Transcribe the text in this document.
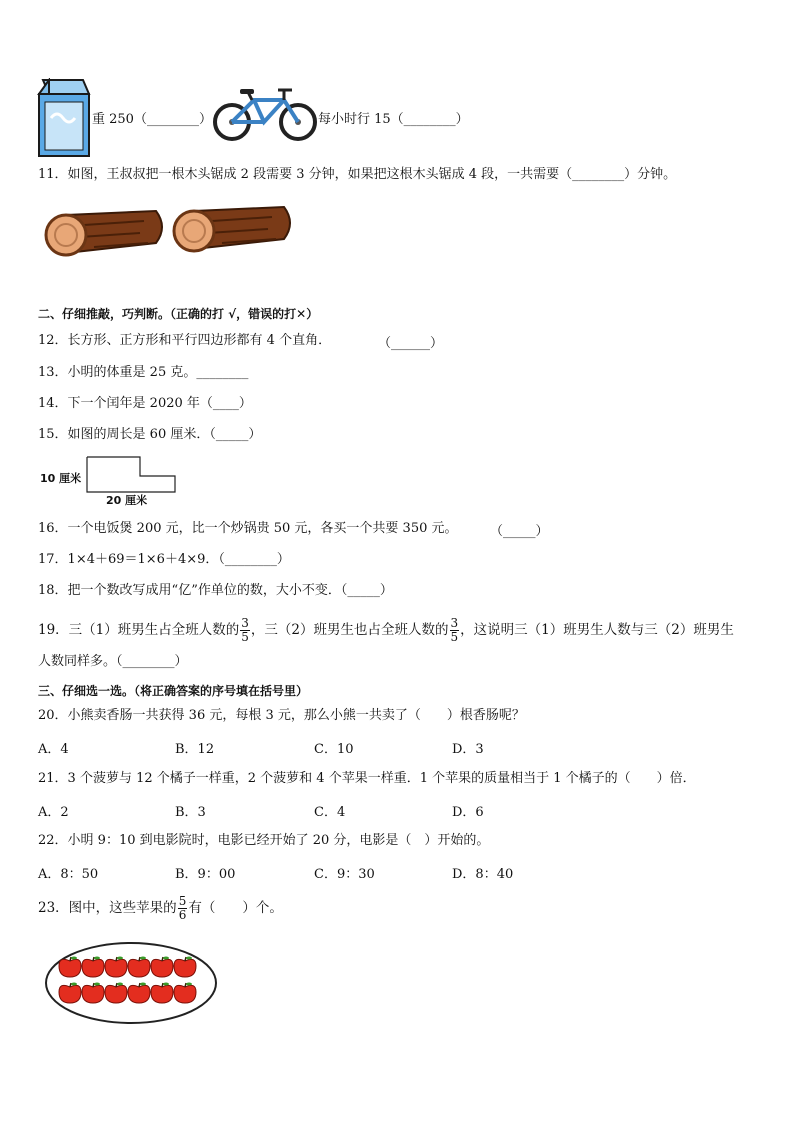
重 250（________）	每小时行 15（________）
11．如图，王叔叔把一根木头锯成 2 段需要 3 分钟，如果把这根木头锯成 4 段，一共需要（________）分钟。
二、仔细推敲，巧判断。（正确的打 √，错误的打✕）
12．长方形、正方形和平行四边形都有 4 个直角．	（______）
13．小明的体重是 25 克。________
14．下一个闰年是 2020 年（____）
15．如图的周长是 60 厘米．（_____）
10 厘米
20 厘米
16．一个电饭煲 200 元，比一个炒锅贵 50 元，各买一个共要 350 元。 （_____）
17．1×4＋69＝1×6＋4×9．（________）
18．把一个数改写成用“亿”作单位的数，大小不变．（_____）
19．三（1）班男生占全班人数的 $\frac{3}{5}$ ，三（2）班男生也占全班人数的 $\frac{3}{5}$ ，这说明三（1）班男生人数与三（2）班男生
人数同样多。（________）
三、仔细选一选。（将正确答案的序号填在括号里）
20．小熊卖香肠一共获得 36 元，每根 3 元，那么小熊一共卖了（　　）根香肠呢？
A．4	B．12	C．10	D．3
21．3 个菠萝与 12 个橘子一样重，2 个菠萝和 4 个苹果一样重．1 个苹果的质量相当于 1 个橘子的（　　）倍．
A．2	B．3	C．4	D．6
22．小明 9：10 到电影院时，电影已经开始了 20 分，电影是（　）开始的。
A．8：50	B．9：00	C．9：30	D．8：40
23．图中，这些苹果的 $\frac{5}{6}$ 有（　　）个。
